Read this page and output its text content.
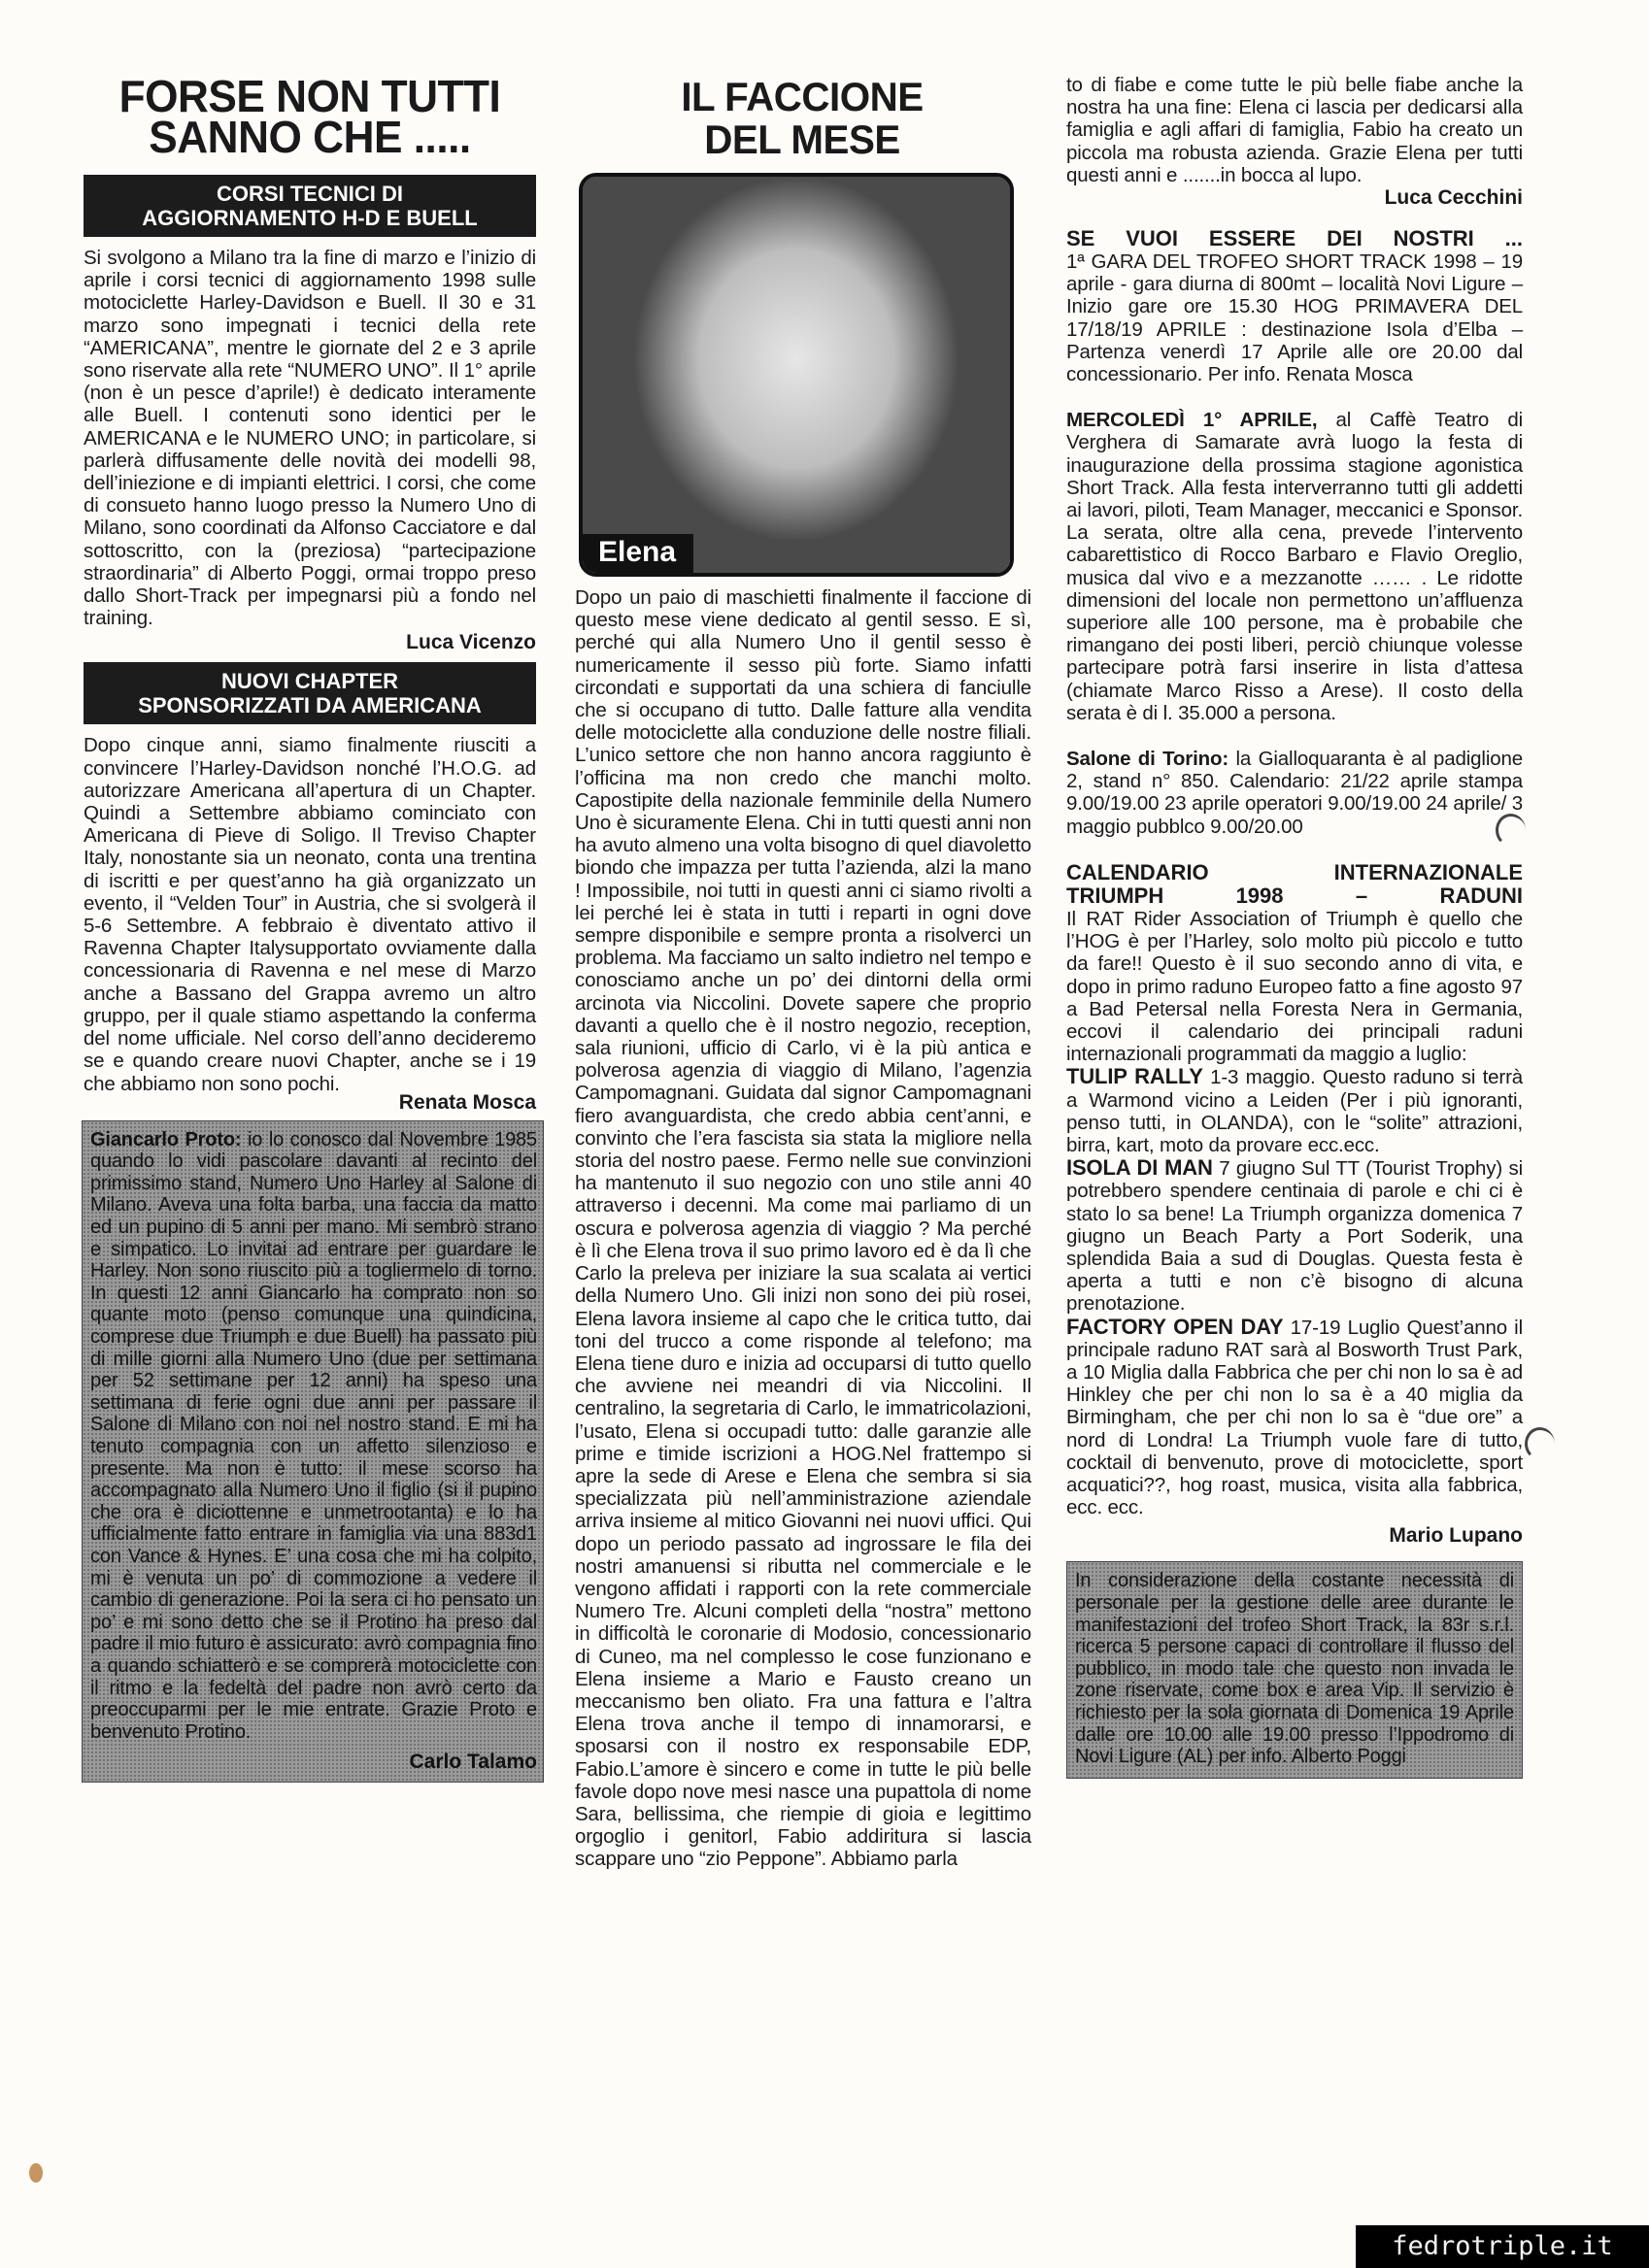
FORSE NON TUTTI
SANNO CHE .....
CORSI TECNICI DI
AGGIORNAMENTO H-D E BUELL

Si svolgono a Milano tra la fine di marzo e l’inizio di aprile i corsi tecnici di aggiornamento 1998 sulle motociclette Harley-Davidson e Buell. Il 30 e 31 marzo sono impegnati i tecnici della rete “AMERICANA”, mentre le giornate del 2 e 3 aprile sono riservate alla rete “NUMERO UNO”. Il 1° aprile (non è un pesce d’aprile!) è dedicato interamente alle Buell. I contenuti sono identici per le AMERICANA e le NUMERO UNO; in particolare, si parlerà diffusamente delle novità dei modelli 98, dell’iniezione e di impianti elettrici. I corsi, che come di consueto hanno luogo presso la Numero Uno di Milano, sono coordinati da Alfonso Cacciatore e dal sottoscritto, con la (preziosa) “partecipazione straordinaria” di Alberto Poggi, ormai troppo preso dallo Short-Track per impegnarsi più a fondo nel training.

Luca Vicenzo

NUOVI CHAPTER
SPONSORIZZATI DA AMERICANA

Dopo cinque anni, siamo finalmente riusciti a convincere l’Harley-Davidson nonché l’H.O.G. ad autorizzare Americana all’apertura di un Chapter. Quindi a Settembre abbiamo cominciato con Americana di Pieve di Soligo. Il Treviso Chapter Italy, nonostante sia un neonato, conta una trentina di iscritti e per quest’anno ha già organizzato un evento, il “Velden Tour” in Austria, che si svolgerà il 5-6 Settembre. A febbraio è diventato attivo il Ravenna Chapter Italysupportato ovviamente dalla concessionaria di Ravenna e nel mese di Marzo anche a Bassano del Grappa avremo un altro gruppo, per il quale stiamo aspettando la conferma del nome ufficiale. Nel corso dell’anno decideremo se e quando creare nuovi Chapter, anche se i 19 che abbiamo non sono pochi.

Renata Mosca

Giancarlo Proto: io lo conosco dal Novembre 1985 quando lo vidi pascolare davanti al recinto del primissimo stand, Numero Uno Harley al Salone di Milano. Aveva una folta barba, una faccia da matto ed un pupino di 5 anni per mano. Mi sembrò strano e simpatico. Lo invitai ad entrare per guardare le Harley. Non sono riuscito più a togliermelo di torno. In questi 12 anni Giancarlo ha comprato non so quante moto (penso comunque una quindicina, comprese due Triumph e due Buell) ha passato più di mille giorni alla Numero Uno (due per settimana per 52 settimane per 12 anni) ha speso una settimana di ferie ogni due anni per passare il Salone di Milano con noi nel nostro stand. E mi ha tenuto compagnia con un affetto silenzioso e presente. Ma non è tutto: il mese scorso ha accompagnato alla Numero Uno il figlio (si il pupino che ora è diciottenne e unmetrootanta) e lo ha ufficialmente fatto entrare in famiglia via una 883d1 con Vance & Hynes. E’ una cosa che mi ha colpito, mi è venuta un po’ di commozione a vedere il cambio di generazione. Poi la sera ci ho pensato un po’ e mi sono detto che se il Protino ha preso dal padre il mio futuro è assicurato: avrò compagnia fino a quando schiatterò e se comprerà motociclette con il ritmo e la fedeltà del padre non avrò certo da preoccuparmi per le mie entrate. Grazie Proto e benvenuto Protino.

Carlo Talamo

IL FACCIONE
DEL MESE
Elena

Dopo un paio di maschietti finalmente il faccione di questo mese viene dedicato al gentil sesso. E sì, perché qui alla Numero Uno il gentil sesso è numericamente il sesso più forte. Siamo infatti circondati e supportati da una schiera di fanciulle che si occupano di tutto. Dalle fatture alla vendita delle motociclette alla conduzione delle nostre filiali. L’unico settore che non hanno ancora raggiunto è l’officina ma non credo che manchi molto. Capostipite della nazionale femminile della Numero Uno è sicuramente Elena. Chi in tutti questi anni non ha avuto almeno una volta bisogno di quel diavoletto biondo che impazza per tutta l’azienda, alzi la mano ! Impossibile, noi tutti in questi anni ci siamo rivolti a lei perché lei è stata in tutti i reparti in ogni dove sempre disponibile e sempre pronta a risolverci un problema. Ma facciamo un salto indietro nel tempo e conosciamo anche un po’ dei dintorni della ormi arcinota via Niccolini. Dovete sapere che proprio davanti a quello che è il nostro negozio, reception, sala riunioni, ufficio di Carlo, vi è la più antica e polverosa agenzia di viaggio di Milano, l’agenzia Campomagnani. Guidata dal signor Campomagnani fiero avanguardista, che credo abbia cent’anni, e convinto che l’era fascista sia stata la migliore nella storia del nostro paese. Fermo nelle sue convinzioni ha mantenuto il suo negozio con uno stile anni 40 attraverso i decenni. Ma come mai parliamo di un oscura e polverosa agenzia di viaggio ? Ma perché è lì che Elena trova il suo primo lavoro ed è da lì che Carlo la preleva per iniziare la sua scalata ai vertici della Numero Uno. Gli inizi non sono dei più rosei, Elena lavora insieme al capo che le critica tutto, dai toni del trucco a come risponde al telefono; ma Elena tiene duro e inizia ad occuparsi di tutto quello che avviene nei meandri di via Niccolini. Il centralino, la segretaria di Carlo, le immatricolazioni, l’usato, Elena si occupadi tutto: dalle garanzie alle prime e timide iscrizioni a HOG.Nel frattempo si apre la sede di Arese e Elena che sembra si sia specializzata più nell’amministrazione aziendale arriva insieme al mitico Giovanni nei nuovi uffici. Qui dopo un periodo passato ad ingrossare le fila dei nostri amanuensi si ributta nel commerciale e le vengono affidati i rapporti con la rete commerciale Numero Tre. Alcuni completi della “nostra” mettono in difficoltà le coronarie di Modosio, concessionario di Cuneo, ma nel complesso le cose funzionano e Elena insieme a Mario e Fausto creano un meccanismo ben oliato. Fra una fattura e l’altra Elena trova anche il tempo di innamorarsi, e sposarsi con il nostro ex responsabile EDP, Fabio.L’amore è sincero e come in tutte le più belle favole dopo nove mesi nasce una pupattola di nome Sara, bellissima, che riempie di gioia e legittimo orgoglio i genitorl, Fabio addiritura si lascia scappare uno “zio Peppone”. Abbiamo parla

to di fiabe e come tutte le più belle fiabe anche la nostra ha una fine: Elena ci lascia per dedicarsi alla famiglia e agli affari di famiglia, Fabio ha creato un piccola ma robusta azienda. Grazie Elena per tutti questi anni e .......in bocca al lupo.

Luca Cecchini

SE VUOI ESSERE DEI NOSTRI ...

1ª GARA DEL TROFEO SHORT TRACK 1998 – 19 aprile - gara diurna di 800mt – località Novi Ligure – Inizio gare ore 15.30 HOG PRIMAVERA DEL 17/18/19 APRILE : destinazione Isola d’Elba – Partenza venerdì 17 Aprile alle ore 20.00 dal concessionario. Per info. Renata Mosca

MERCOLEDÌ 1° APRILE, al Caffè Teatro di Verghera di Samarate avrà luogo la festa di inaugurazione della prossima stagione agonistica Short Track. Alla festa interverranno tutti gli addetti ai lavori, piloti, Team Manager, meccanici e Sponsor. La serata, oltre alla cena, prevede l’intervento cabarettistico di Rocco Barbaro e Flavio Oreglio, musica dal vivo e a mezzanotte …… . Le ridotte dimensioni del locale non permettono un’affluenza superiore alle 100 persone, ma è probabile che rimangano dei posti liberi, perciò chiunque volesse partecipare potrà farsi inserire in lista d’attesa (chiamate Marco Risso a Arese). Il costo della serata è di l. 35.000 a persona.

Salone di Torino: la Gialloquaranta è al padiglione 2, stand n° 850. Calendario: 21/22 aprile stampa 9.00/19.00 23 aprile operatori 9.00/19.00 24 aprile/ 3 maggio pubblco 9.00/20.00

CALENDARIO INTERNAZIONALE

TRIUMPH 1998 – RADUNI

Il RAT Rider Association of Triumph è quello che l’HOG è per l’Harley, solo molto più piccolo e tutto da fare!! Questo è il suo secondo anno di vita, e dopo in primo raduno Europeo fatto a fine agosto 97 a Bad Petersal nella Foresta Nera in Germania, eccovi il calendario dei principali raduni internazionali programmati da maggio a luglio:

TULIP RALLY 1-3 maggio. Questo raduno si terrà a Warmond vicino a Leiden (Per i più ignoranti, penso tutti, in OLANDA), con le “solite” attrazioni, birra, kart, moto da provare ecc.ecc.

ISOLA DI MAN 7 giugno Sul TT (Tourist Trophy) si potrebbero spendere centinaia di parole e chi ci è stato lo sa bene! La Triumph organizza domenica 7 giugno un Beach Party a Port Soderik, una splendida Baia a sud di Douglas. Questa festa è aperta a tutti e non c’è bisogno di alcuna prenotazione.

FACTORY OPEN DAY 17-19 Luglio Quest’anno il principale raduno RAT sarà al Bosworth Trust Park, a 10 Miglia dalla Fabbrica che per chi non lo sa è ad Hinkley che per chi non lo sa è a 40 miglia da Birmingham, che per chi non lo sa è “due ore” a nord di Londra! La Triumph vuole fare di tutto, cocktail di benvenuto, prove di motociclette, sport acquatici??, hog roast, musica, visita alla fabbrica, ecc. ecc.

Mario Lupano

In considerazione della costante necessità di personale per la gestione delle aree durante le manifestazioni del trofeo Short Track, la 83r s.r.l. ricerca 5 persone capaci di controllare il flusso del pubblico, in modo tale che questo non invada le zone riservate, come box e area Vip. Il servizio è richiesto per la sola giornata di Domenica 19 Aprile dalle ore 10.00 alle 19.00 presso l’Ippodromo di Novi Ligure (AL) per info. Alberto Poggi

fedrotriple.it
